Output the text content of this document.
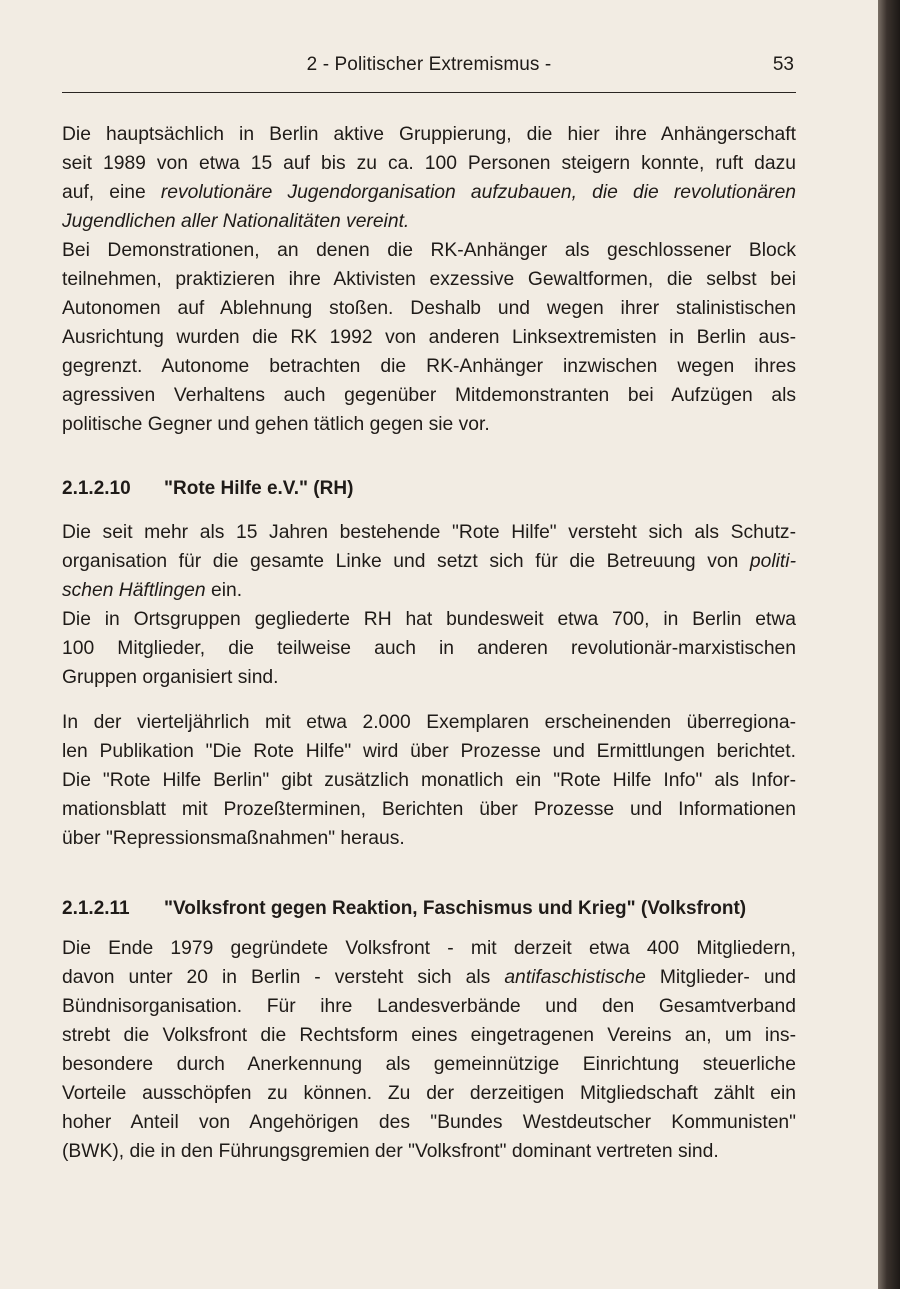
2 - Politischer Extremismus -	53

Die hauptsächlich in Berlin aktive Gruppierung, die hier ihre Anhängerschaft
seit 1989 von etwa 15 auf bis zu ca. 100 Personen steigern konnte, ruft dazu
auf, eine revolutionäre Jugendorganisation aufzubauen, die die revolutionären
Jugendlichen aller Nationalitäten vereint.

Bei Demonstrationen, an denen die RK-Anhänger als geschlossener Block
teilnehmen, praktizieren ihre Aktivisten exzessive Gewaltformen, die selbst bei
Autonomen auf Ablehnung stoßen. Deshalb und wegen ihrer stalinistischen
Ausrichtung wurden die RK 1992 von anderen Linksextremisten in Berlin aus-
gegrenzt. Autonome betrachten die RK-Anhänger inzwischen wegen ihres
agressiven Verhaltens auch gegenüber Mitdemonstranten bei Aufzügen als
politische Gegner und gehen tätlich gegen sie vor.

2.1.2.10 "Rote Hilfe e.V." (RH)

Die seit mehr als 15 Jahren bestehende "Rote Hilfe" versteht sich als Schutz-
organisation für die gesamte Linke und setzt sich für die Betreuung von politi-
schen Häftlingen ein.

Die in Ortsgruppen gegliederte RH hat bundesweit etwa 700, in Berlin etwa
100 Mitglieder, die teilweise auch in anderen revolutionär-marxistischen
Gruppen organisiert sind.

In der vierteljährlich mit etwa 2.000 Exemplaren erscheinenden überregiona-
len Publikation "Die Rote Hilfe" wird über Prozesse und Ermittlungen berichtet.
Die "Rote Hilfe Berlin" gibt zusätzlich monatlich ein "Rote Hilfe Info" als Infor-
mationsblatt mit Prozeßterminen, Berichten über Prozesse und Informationen
über "Repressionsmaßnahmen" heraus.

2.1.2.11 "Volksfront gegen Reaktion, Faschismus und Krieg" (Volksfront)

Die Ende 1979 gegründete Volksfront - mit derzeit etwa 400 Mitgliedern,
davon unter 20 in Berlin - versteht sich als antifaschistische Mitglieder- und
Bündnisorganisation. Für ihre Landesverbände und den Gesamtverband
strebt die Volksfront die Rechtsform eines eingetragenen Vereins an, um ins-
besondere durch Anerkennung als gemeinnützige Einrichtung steuerliche
Vorteile ausschöpfen zu können. Zu der derzeitigen Mitgliedschaft zählt ein
hoher Anteil von Angehörigen des "Bundes Westdeutscher Kommunisten"
(BWK), die in den Führungsgremien der "Volksfront" dominant vertreten sind.
